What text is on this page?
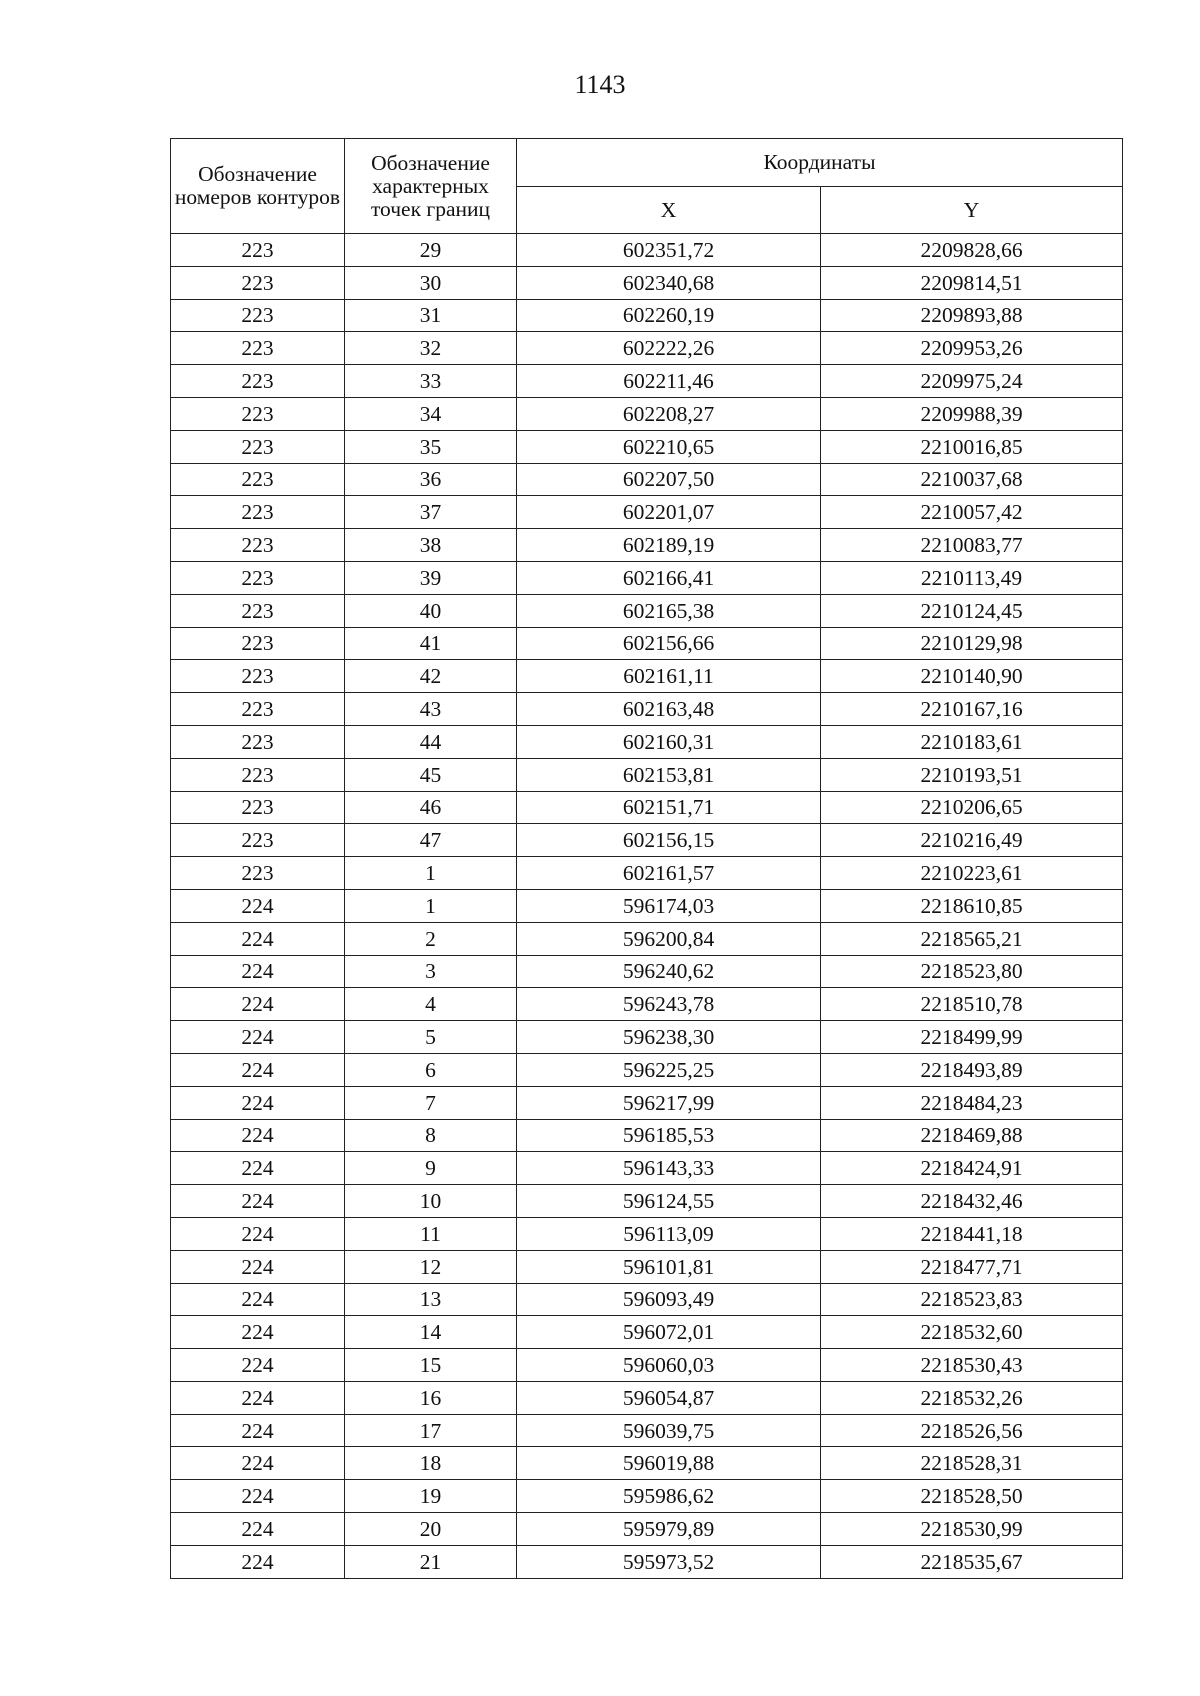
1143
Обозначение номеров контуров	Обозначение характерных точек границ	Координаты	
		X	Y
223	29	602351,72	2209828,66
223	30	602340,68	2209814,51
223	31	602260,19	2209893,88
223	32	602222,26	2209953,26
223	33	602211,46	2209975,24
223	34	602208,27	2209988,39
223	35	602210,65	2210016,85
223	36	602207,50	2210037,68
223	37	602201,07	2210057,42
223	38	602189,19	2210083,77
223	39	602166,41	2210113,49
223	40	602165,38	2210124,45
223	41	602156,66	2210129,98
223	42	602161,11	2210140,90
223	43	602163,48	2210167,16
223	44	602160,31	2210183,61
223	45	602153,81	2210193,51
223	46	602151,71	2210206,65
223	47	602156,15	2210216,49
223	1	602161,57	2210223,61
224	1	596174,03	2218610,85
224	2	596200,84	2218565,21
224	3	596240,62	2218523,80
224	4	596243,78	2218510,78
224	5	596238,30	2218499,99
224	6	596225,25	2218493,89
224	7	596217,99	2218484,23
224	8	596185,53	2218469,88
224	9	596143,33	2218424,91
224	10	596124,55	2218432,46
224	11	596113,09	2218441,18
224	12	596101,81	2218477,71
224	13	596093,49	2218523,83
224	14	596072,01	2218532,60
224	15	596060,03	2218530,43
224	16	596054,87	2218532,26
224	17	596039,75	2218526,56
224	18	596019,88	2218528,31
224	19	595986,62	2218528,50
224	20	595979,89	2218530,99
224	21	595973,52	2218535,67
